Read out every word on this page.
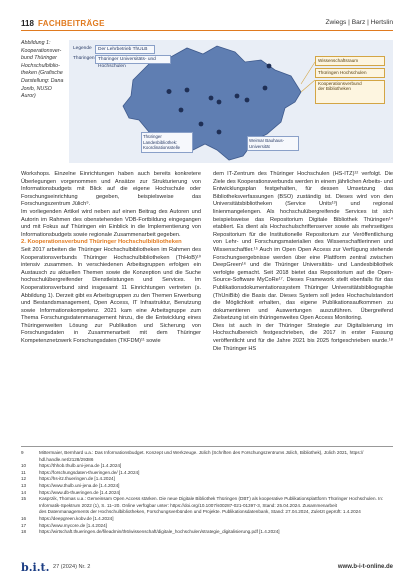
118 FACHBEITRÄGE	Zwiegs | Barz | Hertslin
Abbildung 1:
Kooperationsver-
bund Thüringer
Hochschulbiblio-
theken (Grafische
Darstellung: Dana
Jonib, NUSO Auror)
Legende	Der Lehrbetrieb ThULB
Thüringen Thüringer Universitäts- und Hochschulen
Wissenschaftsraum
Thüringen Hochschulen
Kooperationsverbund
der Bibliotheken
Thüringer Landesbibliothek: Koordinationsstelle
Weimar Bauhaus-Universität

Workshops. Einzelne Einrichtungen haben auch bereits konkretere Überlegungen vorgenommen und Ansätze zur Strukturierung von Informationsbudgets mit Blick auf die eigene Hochschule oder Forschungseinrichtung gegeben, beispielsweise das Forschungszentrum Jülich⁹.

Im vorliegenden Artikel wird neben auf einen Beitrag des Autoren und Autorin im Rahmen des obenstehenden VDB-Fortbildung eingegangen und mit Fokus auf Thüringen ein Einblick in die Implementierung von Informationsbudgets sowie regionale Zusammenarbeit gegeben.

2. Kooperationsverbund Thüringer Hochschulbibliotheken

Seit 2017 arbeiten die Thüringer Hochschulbibliotheken im Rahmen des Kooperationsverbunds Thüringer Hochschulbibliotheken (ThHoB)¹⁰ intensiv zusammen. In verschiedenen Arbeitsgruppen erfolgen ein Austausch zu aktuellen Themen sowie die Konzeption und die Suche hochschulübergreifender Dienstleistungen und Services. Im Kooperationsverbund sind insgesamt 11 Einrichtungen vertreten (s. Abbildung 1). Derzeit gibt es Arbeitsgruppen zu den Themen Erwerbung und Bestandsmanagement, Open Access, IT Infrastruktur, Benutzung sowie Informationskompetenz. 2021 kam eine Arbeitsgruppe zum Thema Forschungsdatenmanagement hinzu, die die Entwicklung eines Thüringenweiten Lösung zur Publikation und Sicherung von Forschungsdaten in Zusammenarbeit mit dem Thüringer Kompetenznetzwerk Forschungsdaten (TKFDM)¹¹ sowie

dem IT-Zentrum des Thüringer Hochschulen (HS-ITZ)¹² verfolgt. Die Ziele des Kooperationsverbunds werden in einem jährlichen Arbeits- und Entwicklungsplan festgehalten, für dessen Umsetzung das Bibliotheksverfassungen (BSO) zuständig ist. Dieses wird von den Universitätsbibliotheken (Service Units¹³) und regional linienmangelengen. Als hochschulübergreifende Services ist sich beispielsweise das Repositorium Digitale Bibliothek Thüringen¹⁴ etabliert. Es dient als Hochschulschriftenserver sowie als mehrseitiges Repositorium für die Institutionelle Repositorium zur Veröffentlichung von Lehr- und Forschungsmaterialien des Wissenschaftlerinnen und Wissenschaftler.¹⁵ Auch im Open Open Access zur Verfügung stehende Forschungsergebnisse werden über eine Plattform zentral zwischen DeepGreen¹⁶ und die Thüringer Universitäts- und Landesbibliothek verfolgte gemacht. Seit 2018 bietet das Repositorium auf die Open-Source-Software MyCoRe¹⁷. Dieses Framework stellt ebenfalls für das Publikationsdokumentationssystem Thüringer Universitätsbibliographie (ThUniBib) die Basis dar. Dieses System soll jedes Hochschulstandort die Möglichkeit erhalten, das eigene Publikationsaufkommen zu dokumentieren und Auswertungen auszuführen. Übergreifend Zielsetzung ist ein thüringenweites Open Access Monitoring.

Dies ist auch in der Thüringer Strategie zur Digitalisierung im Hochschulbereich festgeschrieben, die 2017 in erster Fassung veröffentlicht und für die Jahre 2021 bis 2025 fortgeschrieben wurde.¹⁸ Die Thüringer HS

9	Mittermaier, Bernhard u.a.: Das Informationsbudget. Konzept und Werkzeuge. Jülich (Schriften des Forschungszentrums Jülich, Bibliothek), Jülich 2021, https://
hdl.handle.net/2128/29386
10	https://thhob.thulb.uni-jena.de [1.4.2024]
11	https://forschungsdaten-thueringen.de/ [1.4.2024]
12	https://hs-itz.thueringen.de [1.4.2024]
13	https://www.thulb.uni-jena.de [1.4.2024]
14	https://www.db-thueringen.de [1.4.2024]
15	Kasprzik, Thomas u.a.: Gemeinsam Open Access stärken. Die neue Digitale Bibliothek Thüringen (DBT) als kooperative Publikationsplattform Thüringer Hochschulen. In: Informatik-Spektrum 2022 (1), S. 11–20. Online verfügbar unter: https://doi.org/10.1007/s00287-021-01397-3, Stand: 25.04.2024. Zusammenarbeit
des Datenmanagements der Hochschulbibliotheken, Forschungsverbünden und Projekte. Publikationsdatenbank, Stand: 27.04.2024, Zuletzt geprüft: 1.4.2024
16	https://deepgreen.kobv.de [1.4.2024]
17	https://www.mycore.de [1.4.2024]
18	https://wirtschaft.thueringen.de/fileadmin/th6/wissenschaft/digitale_hochschulen/strategie_digitalisierung.pdf [1.4.2024]
b.i.t. 27 (2024) Nr. 2	www.b-i-t-online.de
